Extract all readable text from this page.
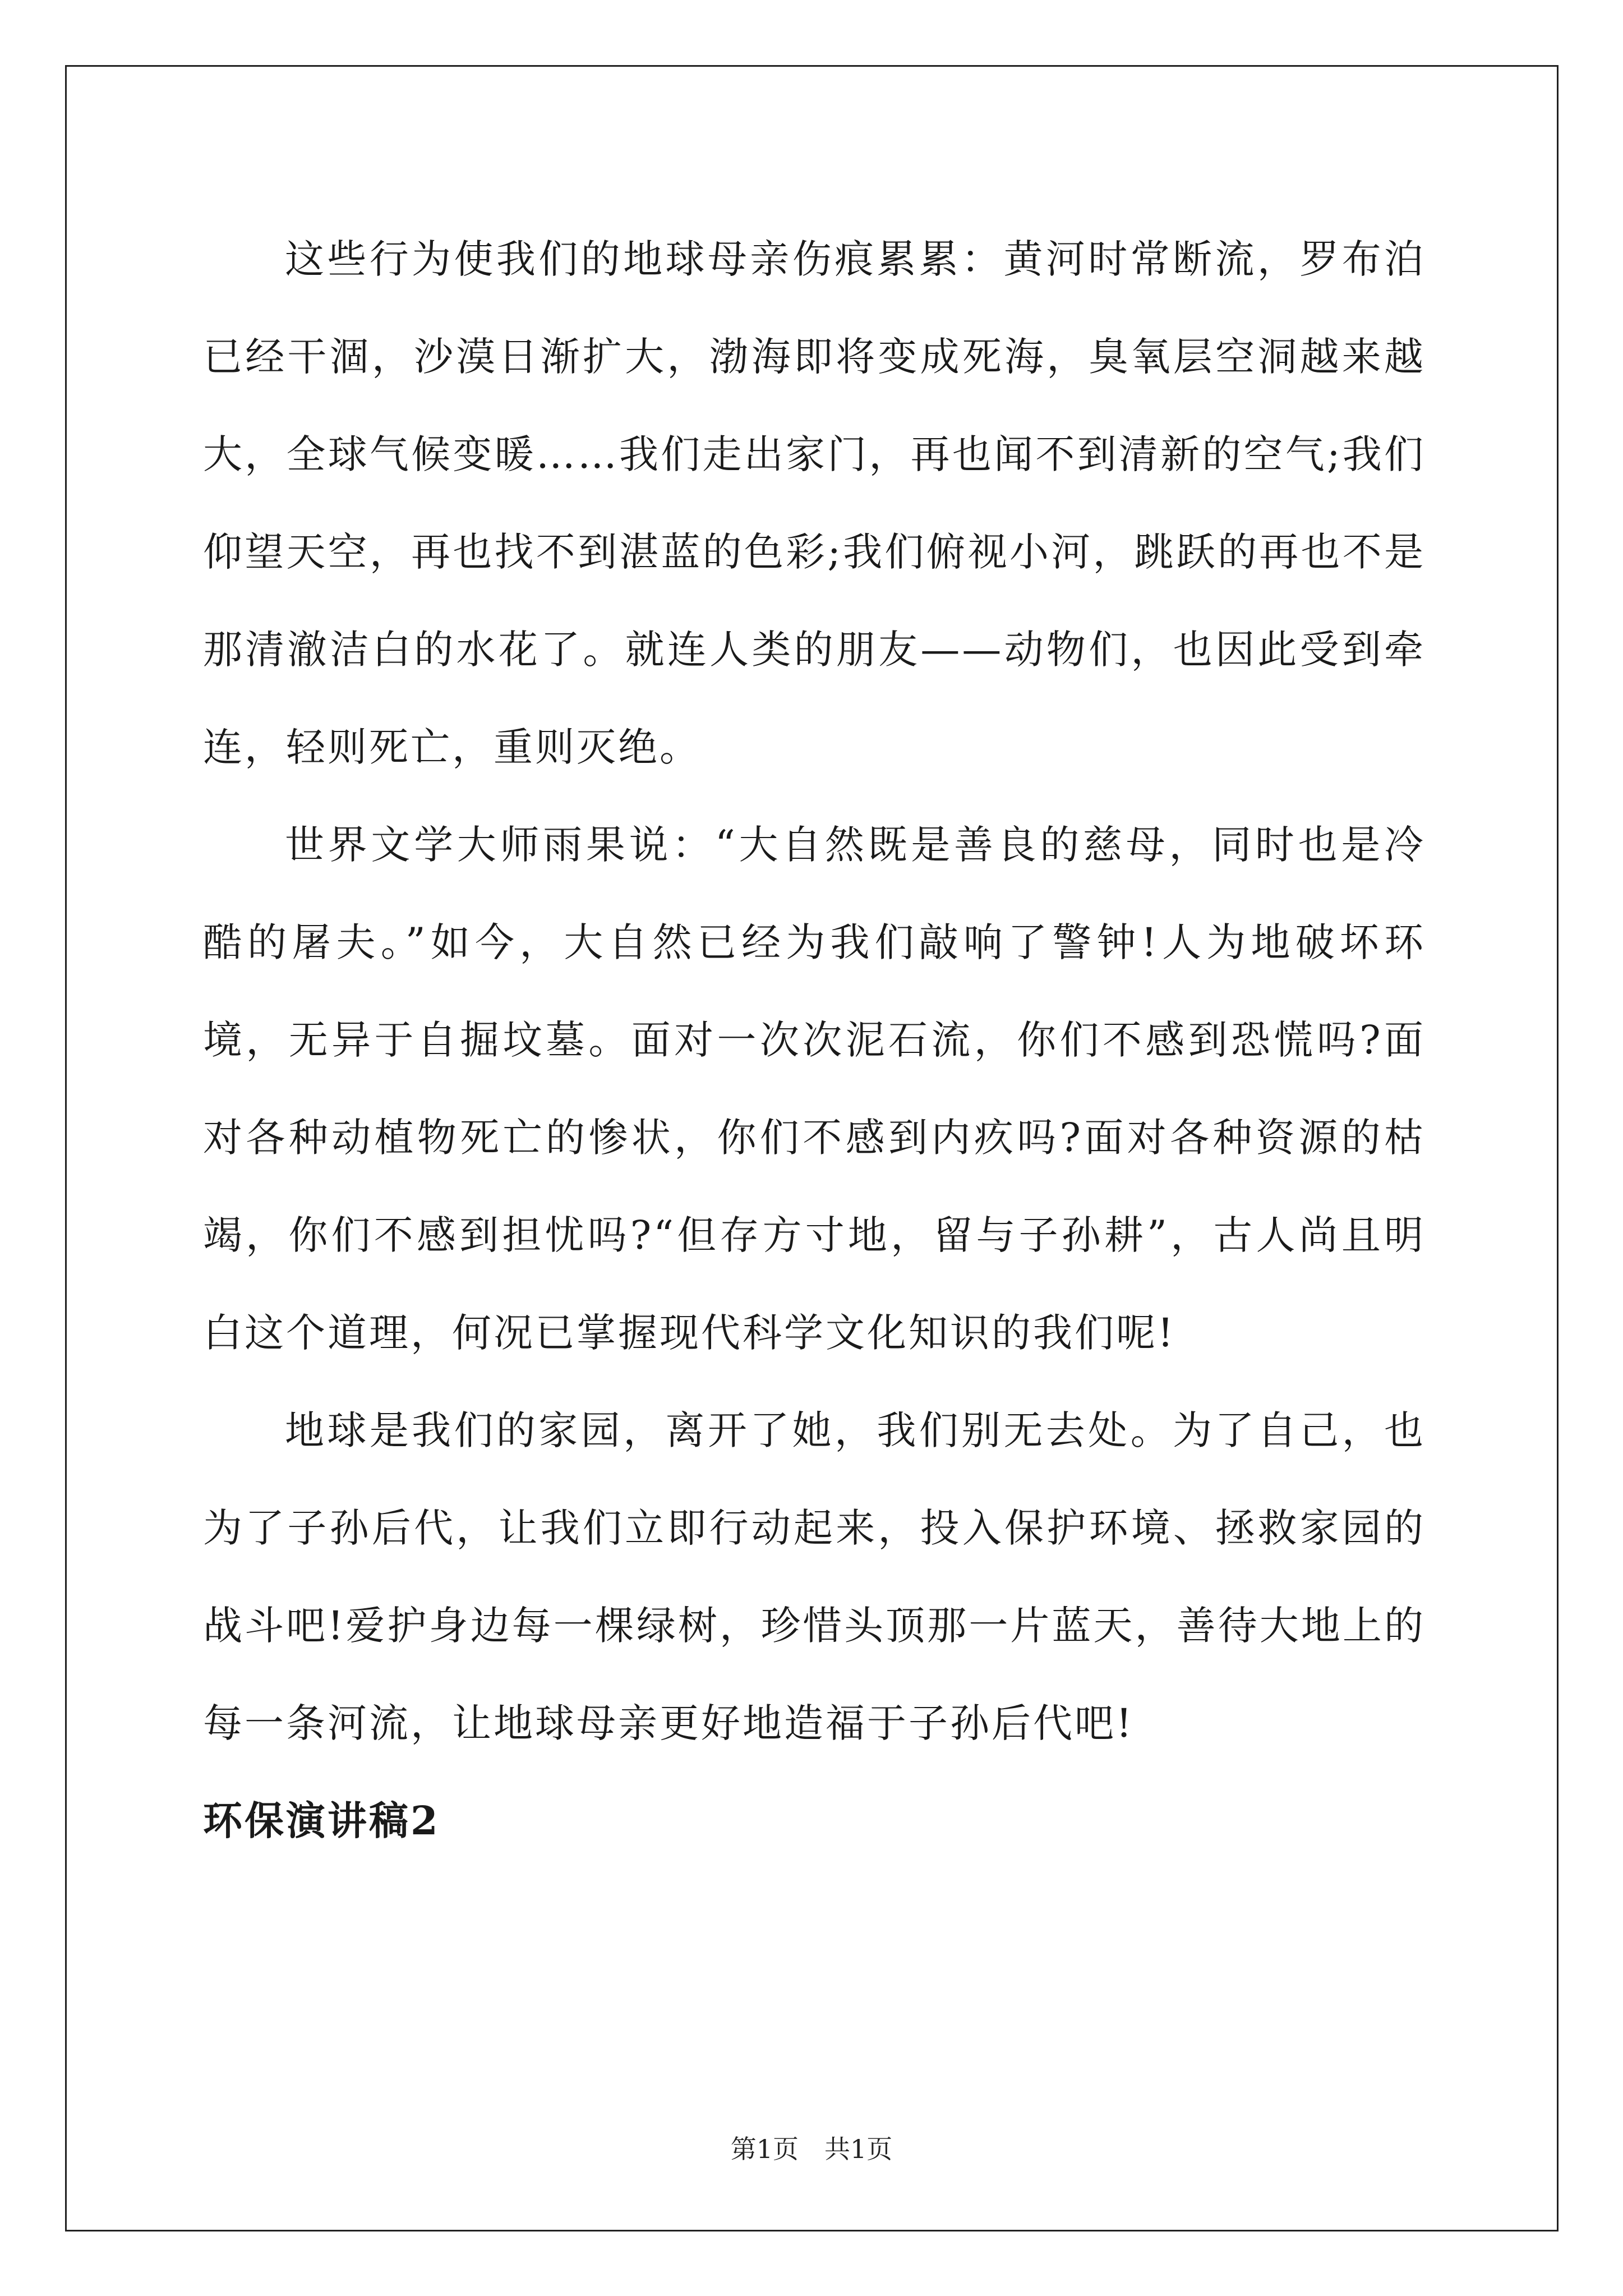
这些行为使我们的地球母亲伤痕累累：黄河时常断流，罗布泊已经干涸，沙漠日渐扩大，渤海即将变成死海，臭氧层空洞越来越大，全球气候变暖……我们走出家门，再也闻不到清新的空气;我们仰望天空，再也找不到湛蓝的色彩;我们俯视小河，跳跃的再也不是那清澈洁白的水花了。就连人类的朋友——动物们，也因此受到牵连，轻则死亡，重则灭绝。

世界文学大师雨果说：“大自然既是善良的慈母，同时也是冷酷的屠夫。”如今，大自然已经为我们敲响了警钟!人为地破坏环境，无异于自掘坟墓。面对一次次泥石流，你们不感到恐慌吗?面对各种动植物死亡的惨状，你们不感到内疚吗?面对各种资源的枯竭，你们不感到担忧吗?“但存方寸地，留与子孙耕”，古人尚且明白这个道理，何况已掌握现代科学文化知识的我们呢!

地球是我们的家园，离开了她，我们别无去处。为了自己，也为了子孙后代，让我们立即行动起来，投入保护环境、拯救家园的战斗吧!爱护身边每一棵绿树，珍惜头顶那一片蓝天，善待大地上的每一条河流，让地球母亲更好地造福于子孙后代吧!

环保演讲稿2
第1页　共1页
